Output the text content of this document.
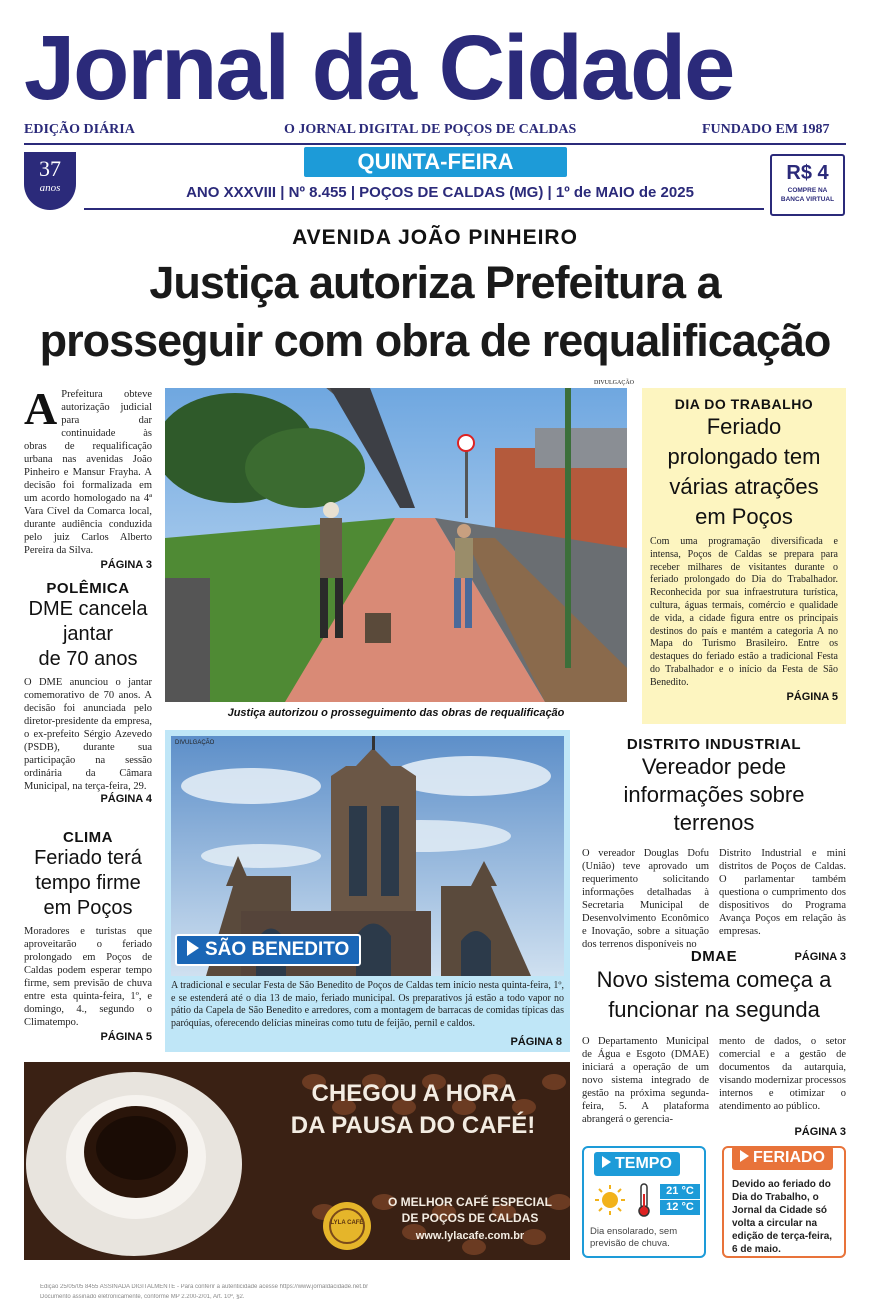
Jornal da Cidade
EDIÇÃO DIÁRIA	O JORNAL DIGITAL DE POÇOS DE CALDAS	FUNDADO EM 1987
37
anos
QUINTA-FEIRA
ANO XXXVIII | Nº 8.455 | POÇOS DE CALDAS (MG) | 1º de MAIO de 2025
R$ 4
COMPRE NA
BANCA VIRTUAL
AVENIDA JOÃO PINHEIRO
Justiça autoriza Prefeitura a
prosseguir com obra de requalificação
A Prefeitura obteve autorização judicial para dar continuidade às obras de requalificação urbana nas avenidas João Pinheiro e Mansur Frayha. A decisão foi formalizada em um acordo homologado na 4ª Vara Cível da Comarca local, durante audiência conduzida pelo juiz Carlos Alberto Pereira da Silva.
PÁGINA 3
DIVULGAÇÃO
Justiça autorizou o prosseguimento das obras de requalificação
DIA DO TRABALHO
Feriado
prolongado tem
várias atrações
em Poços
Com uma programação diversificada e intensa, Poços de Caldas se prepara para receber milhares de visitantes durante o feriado prolongado do Dia do Trabalhador. Reconhecida por sua infraestrutura turística, cultura, águas termais, comércio e qualidade de vida, a cidade figura entre os principais destinos do país e mantém a categoria A no Mapa do Turismo Brasileiro. Entre os destaques do feriado estão a tradicional Festa do Trabalhador e o início da Festa de São Benedito.
PÁGINA 5
POLÊMICA
DME cancela
jantar
de 70 anos
O DME anunciou o jantar comemorativo de 70 anos. A decisão foi anunciada pelo diretor-presidente da empresa, o ex-prefeito Sérgio Azevedo (PSDB), durante sua participação na sessão ordinária da Câmara Municipal, na terça-feira, 29.
PÁGINA 4
CLIMA
Feriado terá
tempo firme
em Poços
Moradores e turistas que aproveitarão o feriado prolongado em Poços de Caldas podem esperar tempo firme, sem previsão de chuva entre esta quinta-feira, 1º, e domingo, 4., segundo o Climatempo.
PÁGINA 5
DIVULGAÇÃO
SÃO BENEDITO
A tradicional e secular Festa de São Benedito de Poços de Caldas tem início nesta quinta-feira, 1º, e se estenderá até o dia 13 de maio, feriado municipal. Os preparativos já estão a todo vapor no pátio da Capela de São Benedito e arredores, com a montagem de barracas de comidas típicas das paróquias, oferecendo delícias mineiras como tutu de feijão, pernil e caldos.
PÁGINA 8
DISTRITO INDUSTRIAL
Vereador pede
informações sobre terrenos
O vereador Douglas Dofu (União) teve aprovado um requerimento solicitando informações detalhadas à Secretaria Municipal de Desenvolvimento Econômico e Inovação, sobre a situação dos terrenos disponíveis no
Distrito Industrial e mini distritos de Poços de Caldas. O parlamentar também questiona o cumprimento dos dispositivos do Programa Avança Poços em relação às empresas.
PÁGINA 3
DMAE
Novo sistema começa a
funcionar na segunda
O Departamento Municipal de Água e Esgoto (DMAE) iniciará a operação de um novo sistema integrado de gestão na próxima segunda-feira, 5. A plataforma abrangerá o gerencia-
mento de dados, o setor comercial e a gestão de documentos da autarquia, visando modernizar processos internos e otimizar o atendimento ao público.
PÁGINA 3
CHEGOU A HORA
DA PAUSA DO CAFÉ!
LYLA CAFÉ
O MELHOR CAFÉ ESPECIAL
DE POÇOS DE CALDAS
www.lylacafe.com.br
TEMPO
21 °C
12 °C
Dia ensolarado, sem previsão de chuva.
FERIADO
Devido ao feriado do Dia do Trabalho, o Jornal da Cidade só volta a circular na edição de terça-feira, 6 de maio.
Edição 25/05/05 8455 ASSINADA DIGITALMENTE - Para conferir a autenticidade acesse https://www.jornaldacidade.net.br
Documento assinado eletronicamente, conforme MP 2.200-2/01, Art. 10º, §2.
